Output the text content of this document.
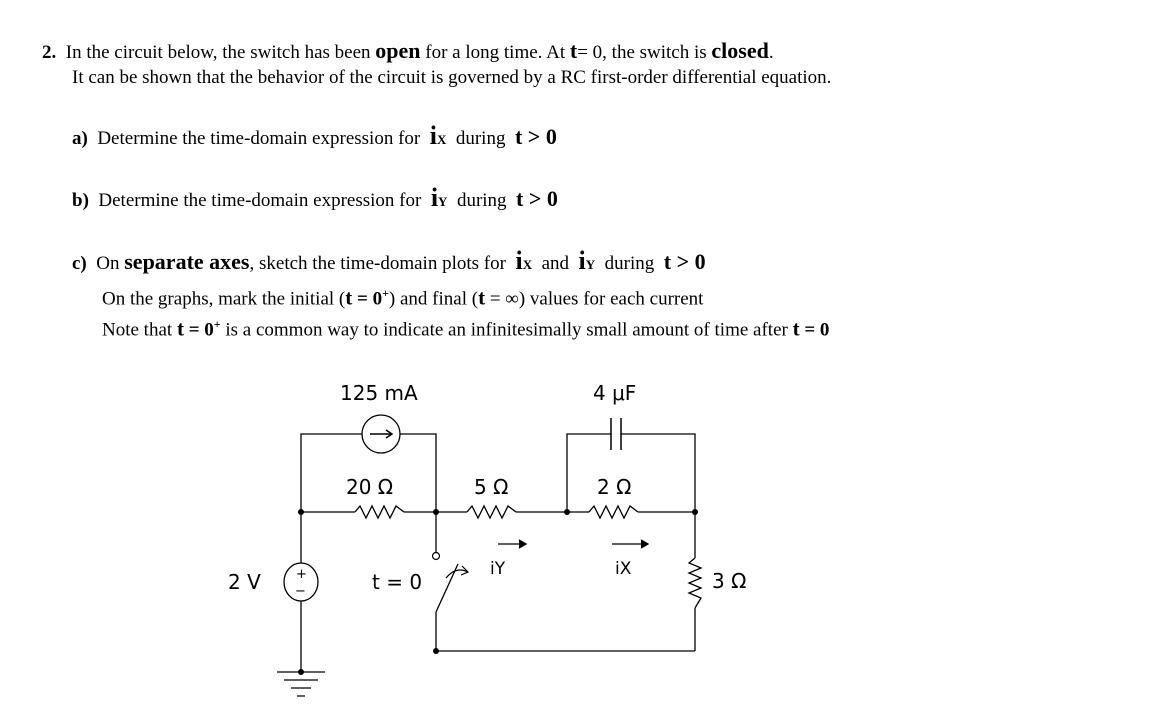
2. In the circuit below, the switch has been open for a long time. At t= 0, the switch is closed.
It can be shown that the behavior of the circuit is governed by a RC first-order differential equation.
a) Determine the time-domain expression for iX during t > 0
b) Determine the time-domain expression for iY during t > 0
c) On separate axes, sketch the time-domain plots for iX and iY during t > 0
On the graphs, mark the initial (t = 0+) and final (t = ∞) values for each current
Note that t = 0+ is a common way to indicate an infinitesimally small amount of time after t = 0
125 mA	4 μF
20 Ω	5 Ω	2 Ω
3 Ω
2 V	+
−	t = 0
iY	iX
